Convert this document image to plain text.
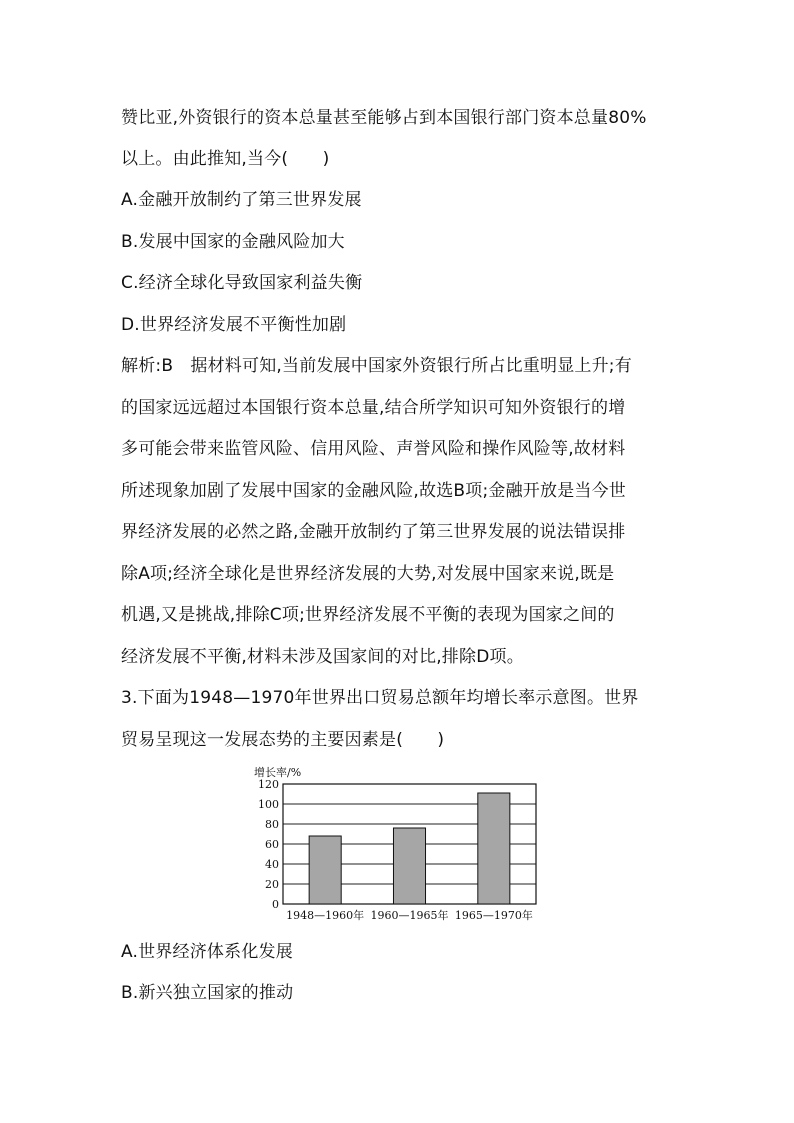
赞比亚,外资银行的资本总量甚至能够占到本国银行部门资本总量80%
以上。由此推知,当今(　　)
A.金融开放制约了第三世界发展
B.发展中国家的金融风险加大
C.经济全球化导致国家利益失衡
D.世界经济发展不平衡性加剧
解析:B　据材料可知,当前发展中国家外资银行所占比重明显上升;有
的国家远远超过本国银行资本总量,结合所学知识可知外资银行的增
多可能会带来监管风险、信用风险、声誉风险和操作风险等,故材料
所述现象加剧了发展中国家的金融风险,故选B项;金融开放是当今世
界经济发展的必然之路,金融开放制约了第三世界发展的说法错误排
除A项;经济全球化是世界经济发展的大势,对发展中国家来说,既是
机遇,又是挑战,排除C项;世界经济发展不平衡的表现为国家之间的
经济发展不平衡,材料未涉及国家间的对比,排除D项。
3.下面为1948—1970年世界出口贸易总额年均增长率示意图。世界
贸易呈现这一发展态势的主要因素是(　　)
增长率/%
0
20
40
60
80
100
120
1948—1960年 1960—1965年 1965—1970年
A.世界经济体系化发展
B.新兴独立国家的推动
